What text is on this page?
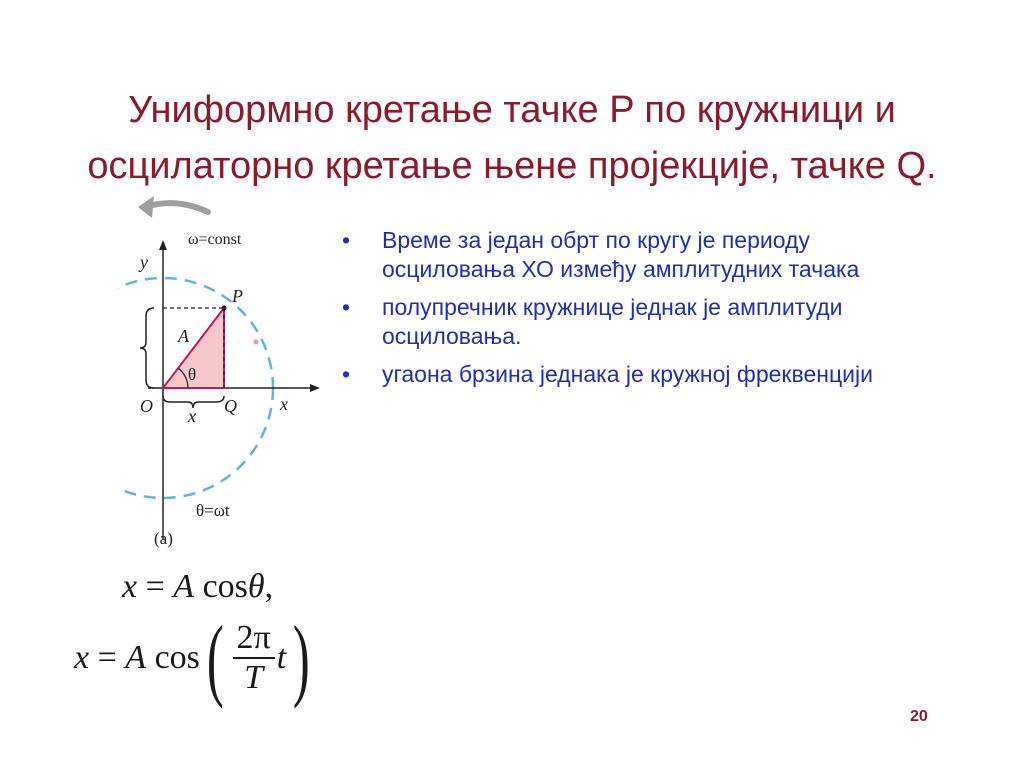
Униформно кретање тачке P по кружници и
осцилаторно кретање њене пројекције, тачке Q.
ω=const
y
x
P
A
θ
O	Q
x
θ=ωt
(a)
x = A cosθ,
x
=
A
cos ( $\frac{2\pi}{T}$ t )
• Време за један обрт по кругу је периоду осциловања ХО између амплитудних тачака
• полупречник кружнице једнак је амплитуди осциловања.
• угаона брзина једнака је кружној фреквенцији
20
